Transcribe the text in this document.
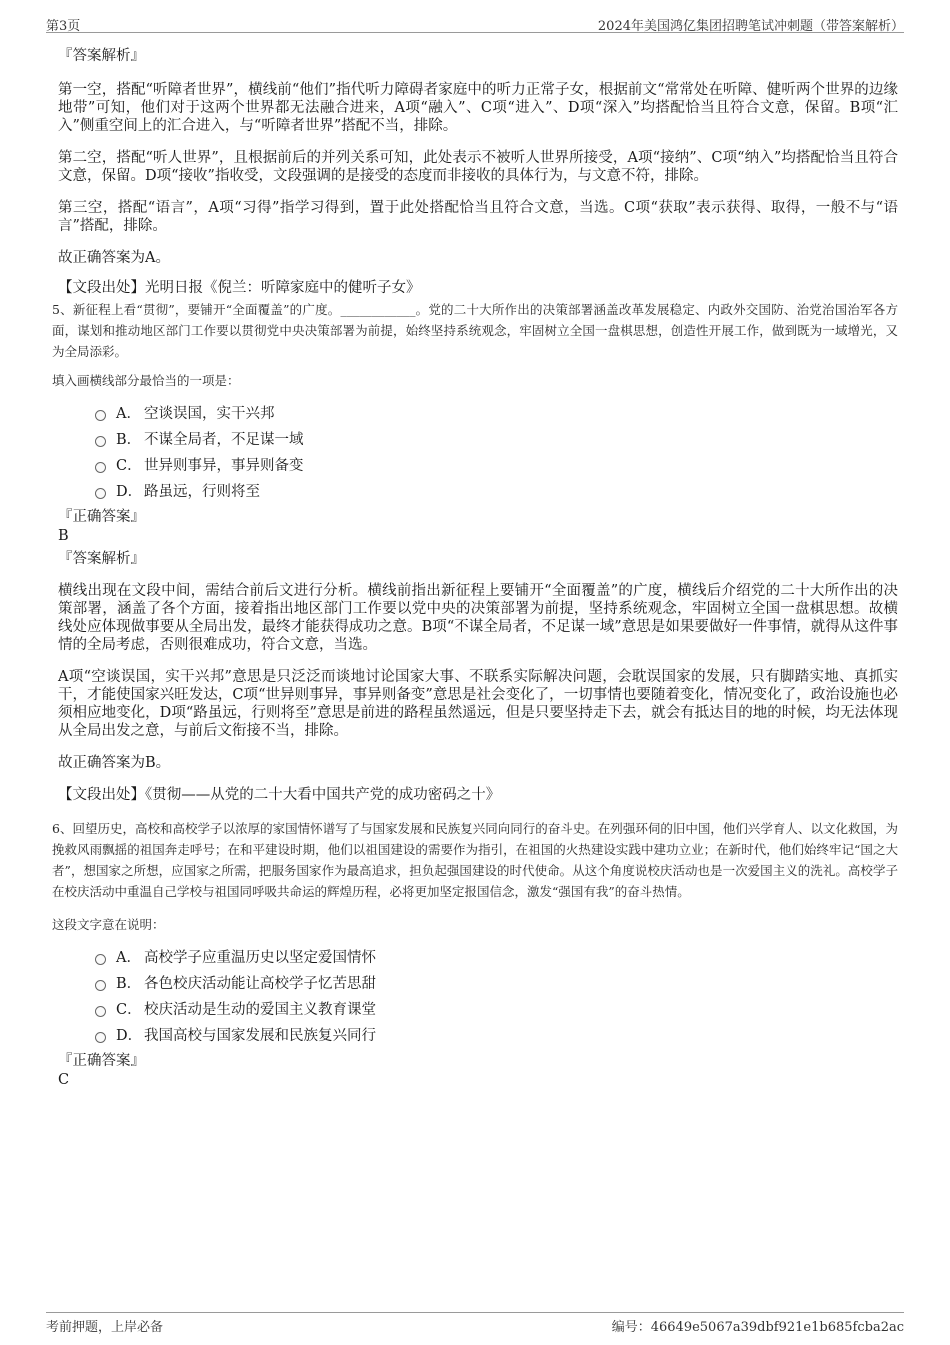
第3页	2024年美国鸿亿集团招聘笔试冲刺题（带答案解析）

『答案解析』

第一空，搭配“听障者世界”，横线前“他们”指代听力障碍者家庭中的听力正常子女，根据前文“常常处在听障、健听两个世界的边缘地带”可知，他们对于这两个世界都无法融合进来，A项“融入”、C项“进入”、D项“深入”均搭配恰当且符合文意，保留。B项“汇入”侧重空间上的汇合进入，与“听障者世界”搭配不当，排除。

第二空，搭配“听人世界”，且根据前后的并列关系可知，此处表示不被听人世界所接受，A项“接纳”、C项“纳入”均搭配恰当且符合文意，保留。D项“接收”指收受，文段强调的是接受的态度而非接收的具体行为，与文意不符，排除。

第三空，搭配“语言”，A项“习得”指学习得到，置于此处搭配恰当且符合文意，当选。C项“获取”表示获得、取得，一般不与“语言”搭配，排除。

故正确答案为A。

【文段出处】光明日报《倪兰：听障家庭中的健听子女》

5、新征程上看“贯彻”，要铺开“全面覆盖”的广度。____________。党的二十大所作出的决策部署涵盖改革发展稳定、内政外交国防、治党治国治军各方面，谋划和推动地区部门工作要以贯彻党中央决策部署为前提，始终坚持系统观念，牢固树立全国一盘棋思想，创造性开展工作，做到既为一域增光，又为全局添彩。

填入画横线部分最恰当的一项是：

A． 空谈误国，实干兴邦
B． 不谋全局者，不足谋一域
C． 世异则事异，事异则备变
D． 路虽远，行则将至

『正确答案』

B

『答案解析』

横线出现在文段中间，需结合前后文进行分析。横线前指出新征程上要铺开“全面覆盖”的广度，横线后介绍党的二十大所作出的决策部署，涵盖了各个方面，接着指出地区部门工作要以党中央的决策部署为前提，坚持系统观念，牢固树立全国一盘棋思想。故横线处应体现做事要从全局出发，最终才能获得成功之意。B项“不谋全局者，不足谋一域”意思是如果要做好一件事情，就得从这件事情的全局考虑，否则很难成功，符合文意，当选。

A项“空谈误国，实干兴邦”意思是只泛泛而谈地讨论国家大事、不联系实际解决问题，会耽误国家的发展，只有脚踏实地、真抓实干，才能使国家兴旺发达，C项“世异则事异，事异则备变”意思是社会变化了，一切事情也要随着变化，情况变化了，政治设施也必须相应地变化，D项“路虽远，行则将至”意思是前进的路程虽然遥远，但是只要坚持走下去，就会有抵达目的地的时候，均无法体现从全局出发之意，与前后文衔接不当，排除。

故正确答案为B。

【文段出处】《贯彻——从党的二十大看中国共产党的成功密码之十》

6、回望历史，高校和高校学子以浓厚的家国情怀谱写了与国家发展和民族复兴同向同行的奋斗史。在列强环伺的旧中国，他们兴学育人、以文化救国，为挽救风雨飘摇的祖国奔走呼号；在和平建设时期，他们以祖国建设的需要作为指引，在祖国的火热建设实践中建功立业；在新时代，他们始终牢记“国之大者”，想国家之所想，应国家之所需，把服务国家作为最高追求，担负起强国建设的时代使命。从这个角度说校庆活动也是一次爱国主义的洗礼。高校学子在校庆活动中重温自己学校与祖国同呼吸共命运的辉煌历程，必将更加坚定报国信念，激发“强国有我”的奋斗热情。

这段文字意在说明：

A． 高校学子应重温历史以坚定爱国情怀
B． 各色校庆活动能让高校学子忆苦思甜
C． 校庆活动是生动的爱国主义教育课堂
D． 我国高校与国家发展和民族复兴同行

『正确答案』

C

考前押题，上岸必备	编号：46649e5067a39dbf921e1b685fcba2ac
